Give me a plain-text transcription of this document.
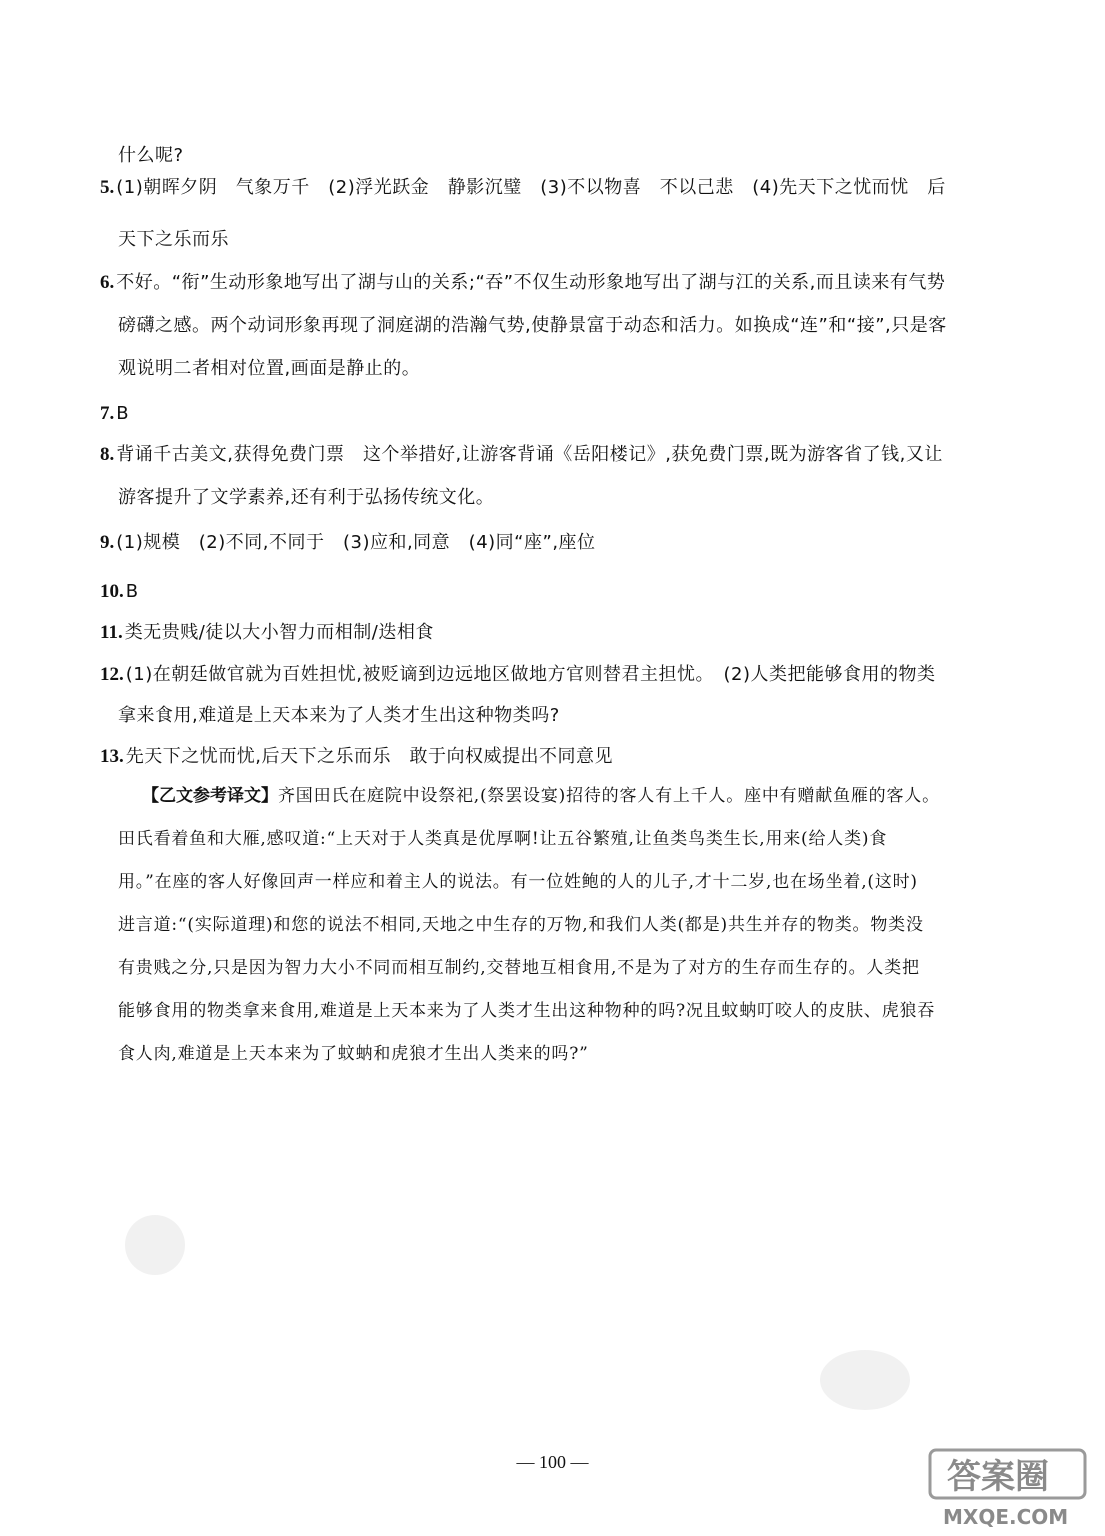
什么呢?
5. (1)朝晖夕阴　气象万千　(2)浮光跃金　静影沉璧　(3)不以物喜　不以己悲　(4)先天下之忧而忧　后
天下之乐而乐
6. 不好。“衔”生动形象地写出了湖与山的关系;“吞”不仅生动形象地写出了湖与江的关系,而且读来有气势
磅礴之感。两个动词形象再现了洞庭湖的浩瀚气势,使静景富于动态和活力。如换成“连”和“接”,只是客
观说明二者相对位置,画面是静止的。
7. B
8. 背诵千古美文,获得免费门票　这个举措好,让游客背诵《岳阳楼记》,获免费门票,既为游客省了钱,又让
游客提升了文学素养,还有利于弘扬传统文化。
9. (1)规模　(2)不同,不同于　(3)应和,同意　(4)同“座”,座位
10. B
11. 类无贵贱/徒以大小智力而相制/迭相食
12. (1)在朝廷做官就为百姓担忧,被贬谪到边远地区做地方官则替君主担忧。　(2)人类把能够食用的物类
拿来食用,难道是上天本来为了人类才生出这种物类吗?
13. 先天下之忧而忧,后天下之乐而乐　敢于向权威提出不同意见
【乙文参考译文】齐国田氏在庭院中设祭祀,(祭罢设宴)招待的客人有上千人。座中有赠献鱼雁的客人。
田氏看着鱼和大雁,感叹道:“上天对于人类真是优厚啊!让五谷繁殖,让鱼类鸟类生长,用来(给人类)食
用。”在座的客人好像回声一样应和着主人的说法。有一位姓鲍的人的儿子,才十二岁,也在场坐着,(这时)
进言道:“(实际道理)和您的说法不相同,天地之中生存的万物,和我们人类(都是)共生并存的物类。物类没
有贵贱之分,只是因为智力大小不同而相互制约,交替地互相食用,不是为了对方的生存而生存的。人类把
能够食用的物类拿来食用,难道是上天本来为了人类才生出这种物种的吗?况且蚊蚋叮咬人的皮肤、虎狼吞
食人肉,难道是上天本来为了蚊蚋和虎狼才生出人类来的吗?”
— 100 —	答案圈
MXQE.COM
